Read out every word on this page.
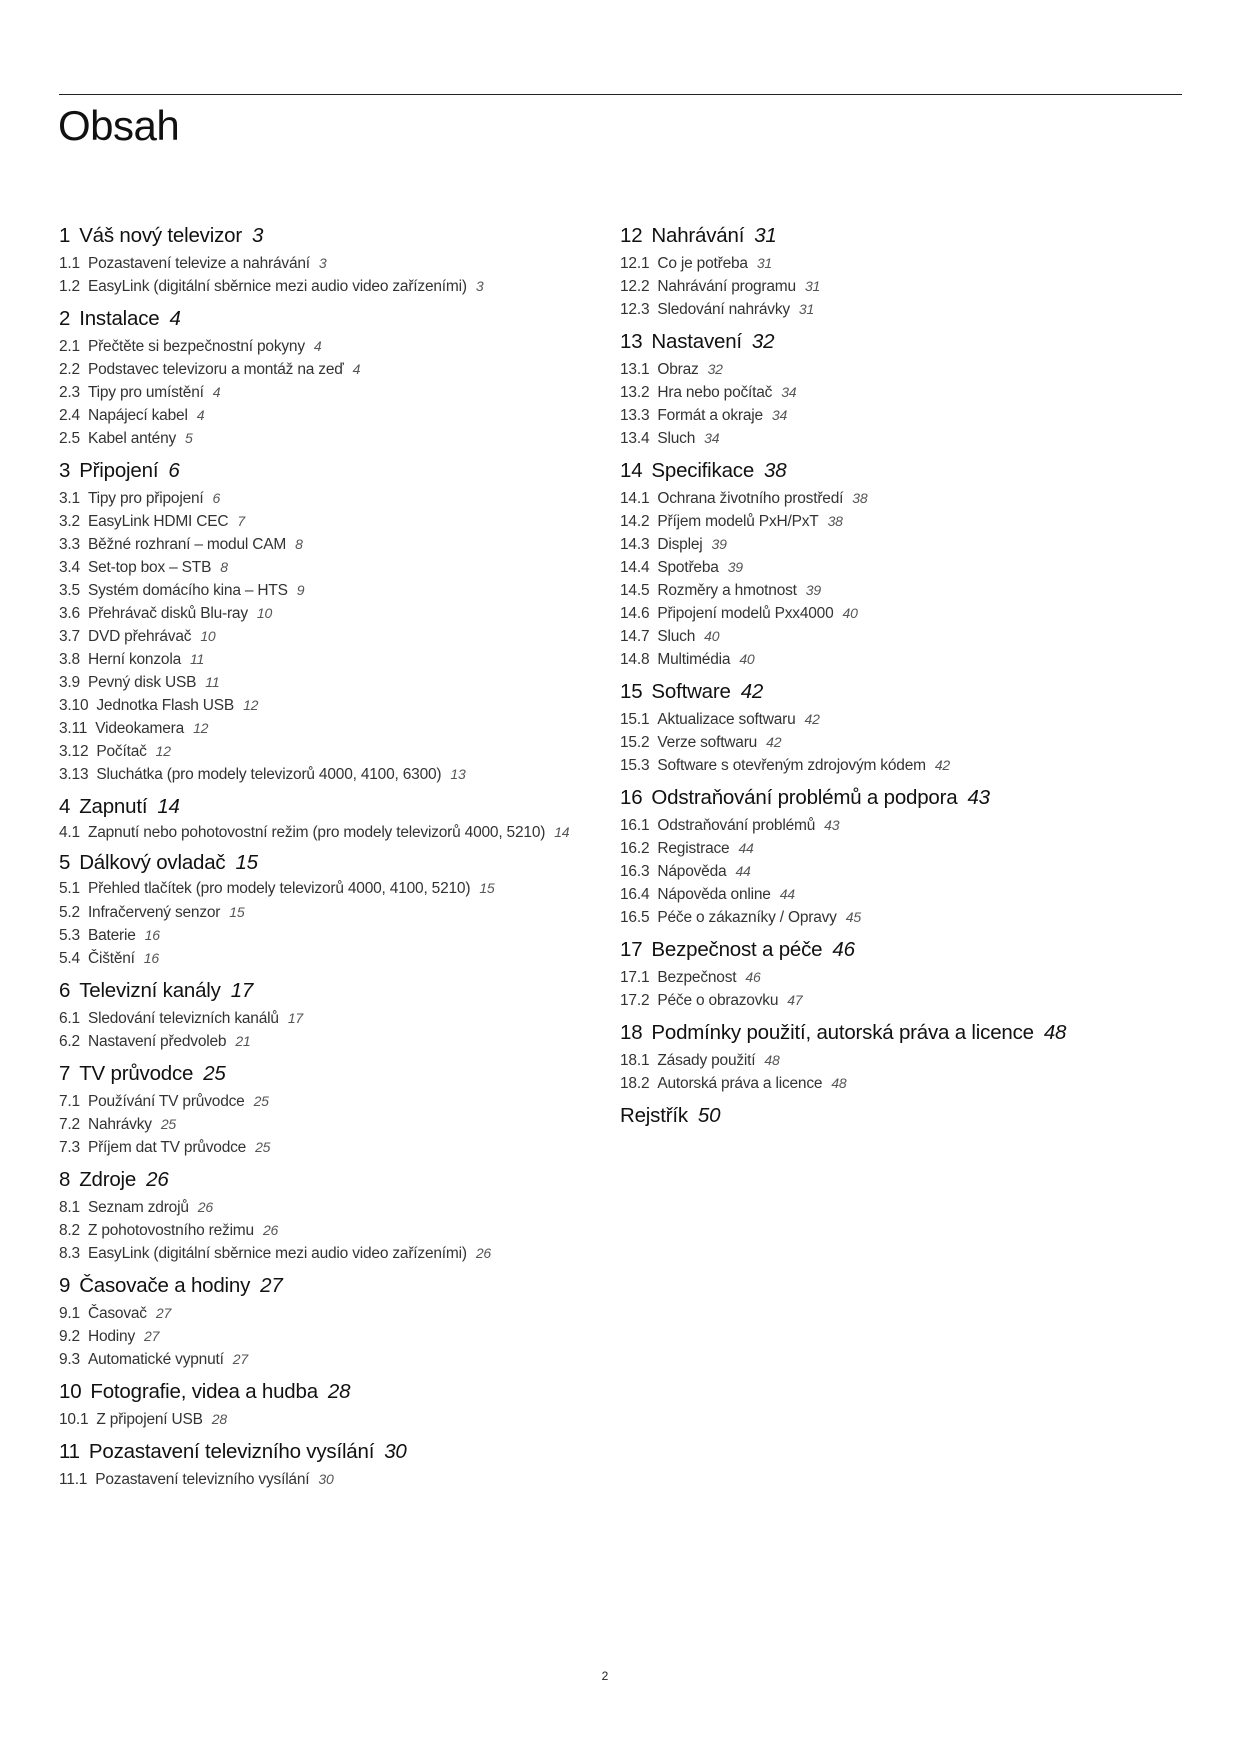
Obsah
1 Váš nový televizor 3
1.1 Pozastavení televize a nahrávání 3
1.2 EasyLink (digitální sběrnice mezi audio video zařízeními) 3
2 Instalace 4
2.1 Přečtěte si bezpečnostní pokyny 4
2.2 Podstavec televizoru a montáž na zeď 4
2.3 Tipy pro umístění 4
2.4 Napájecí kabel 4
2.5 Kabel antény 5
3 Připojení 6
3.1 Tipy pro připojení 6
3.2 EasyLink HDMI CEC 7
3.3 Běžné rozhraní – modul CAM 8
3.4 Set-top box – STB 8
3.5 Systém domácího kina – HTS 9
3.6 Přehrávač disků Blu-ray 10
3.7 DVD přehrávač 10
3.8 Herní konzola 11
3.9 Pevný disk USB 11
3.10 Jednotka Flash USB 12
3.11 Videokamera 12
3.12 Počítač 12
3.13 Sluchátka (pro modely televizorů 4000, 4100, 6300) 13
4 Zapnutí 14
4.1 Zapnutí nebo pohotovostní režim (pro modely televizorů 4000, 5210) 14
5 Dálkový ovladač 15
5.1 Přehled tlačítek (pro modely televizorů 4000, 4100, 5210) 15
5.2 Infračervený senzor 15
5.3 Baterie 16
5.4 Čištění 16
6 Televizní kanály 17
6.1 Sledování televizních kanálů 17
6.2 Nastavení předvoleb 21
7 TV průvodce 25
7.1 Používání TV průvodce 25
7.2 Nahrávky 25
7.3 Příjem dat TV průvodce 25
8 Zdroje 26
8.1 Seznam zdrojů 26
8.2 Z pohotovostního režimu 26
8.3 EasyLink (digitální sběrnice mezi audio video zařízeními) 26
9 Časovače a hodiny 27
9.1 Časovač 27
9.2 Hodiny 27
9.3 Automatické vypnutí 27
10 Fotografie, videa a hudba 28
10.1 Z připojení USB 28
11 Pozastavení televizního vysílání 30
11.1 Pozastavení televizního vysílání 30
12 Nahrávání 31
12.1 Co je potřeba 31
12.2 Nahrávání programu 31
12.3 Sledování nahrávky 31
13 Nastavení 32
13.1 Obraz 32
13.2 Hra nebo počítač 34
13.3 Formát a okraje 34
13.4 Sluch 34
14 Specifikace 38
14.1 Ochrana životního prostředí 38
14.2 Příjem modelů PxH/PxT 38
14.3 Displej 39
14.4 Spotřeba 39
14.5 Rozměry a hmotnost 39
14.6 Připojení modelů Pxx4000 40
14.7 Sluch 40
14.8 Multimédia 40
15 Software 42
15.1 Aktualizace softwaru 42
15.2 Verze softwaru 42
15.3 Software s otevřeným zdrojovým kódem 42
16 Odstraňování problémů a podpora 43
16.1 Odstraňování problémů 43
16.2 Registrace 44
16.3 Nápověda 44
16.4 Nápověda online 44
16.5 Péče o zákazníky / Opravy 45
17 Bezpečnost a péče 46
17.1 Bezpečnost 46
17.2 Péče o obrazovku 47
18 Podmínky použití, autorská práva a licence 48
18.1 Zásady použití 48
18.2 Autorská práva a licence 48
Rejstřík 50
2
